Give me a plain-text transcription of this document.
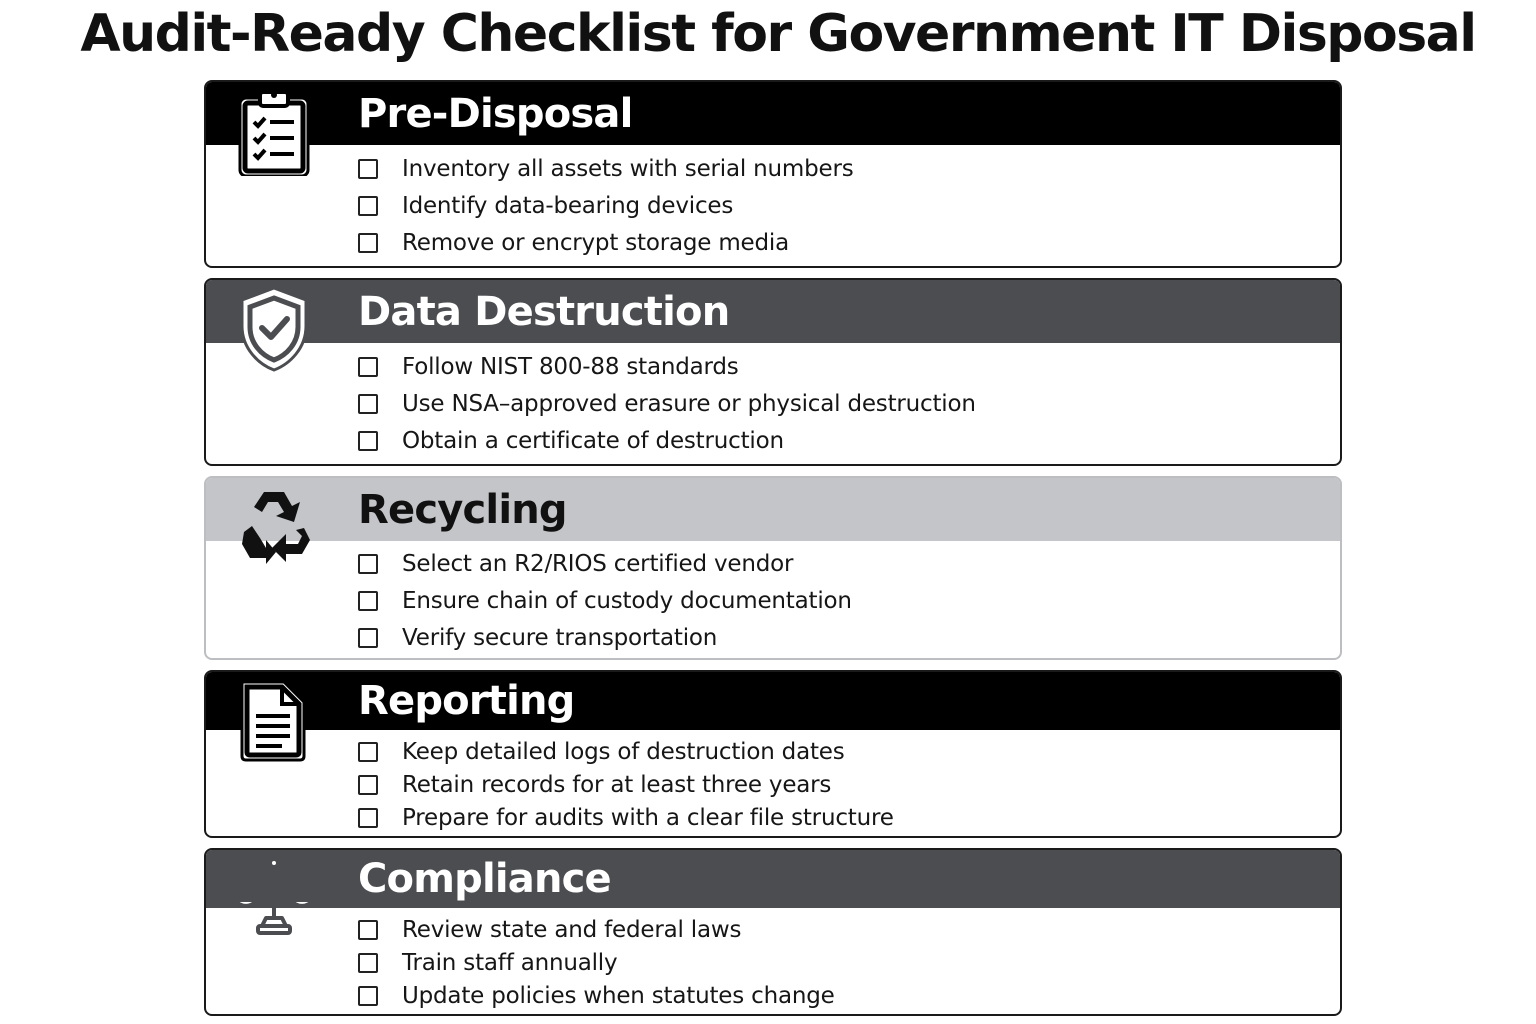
Audit-Ready Checklist for Government IT Disposal
Pre-Disposal
Inventory all assets with serial numbers
Identify data-bearing devices
Remove or encrypt storage media
Data Destruction
Follow NIST 800-88 standards
Use NSA–approved erasure or physical destruction
Obtain a certificate of destruction
Recycling
Select an R2/RIOS certified vendor
Ensure chain of custody documentation
Verify secure transportation
Reporting
Keep detailed logs of destruction dates
Retain records for at least three years
Prepare for audits with a clear file structure
Compliance
Review state and federal laws
Train staff annually
Update policies when statutes change
